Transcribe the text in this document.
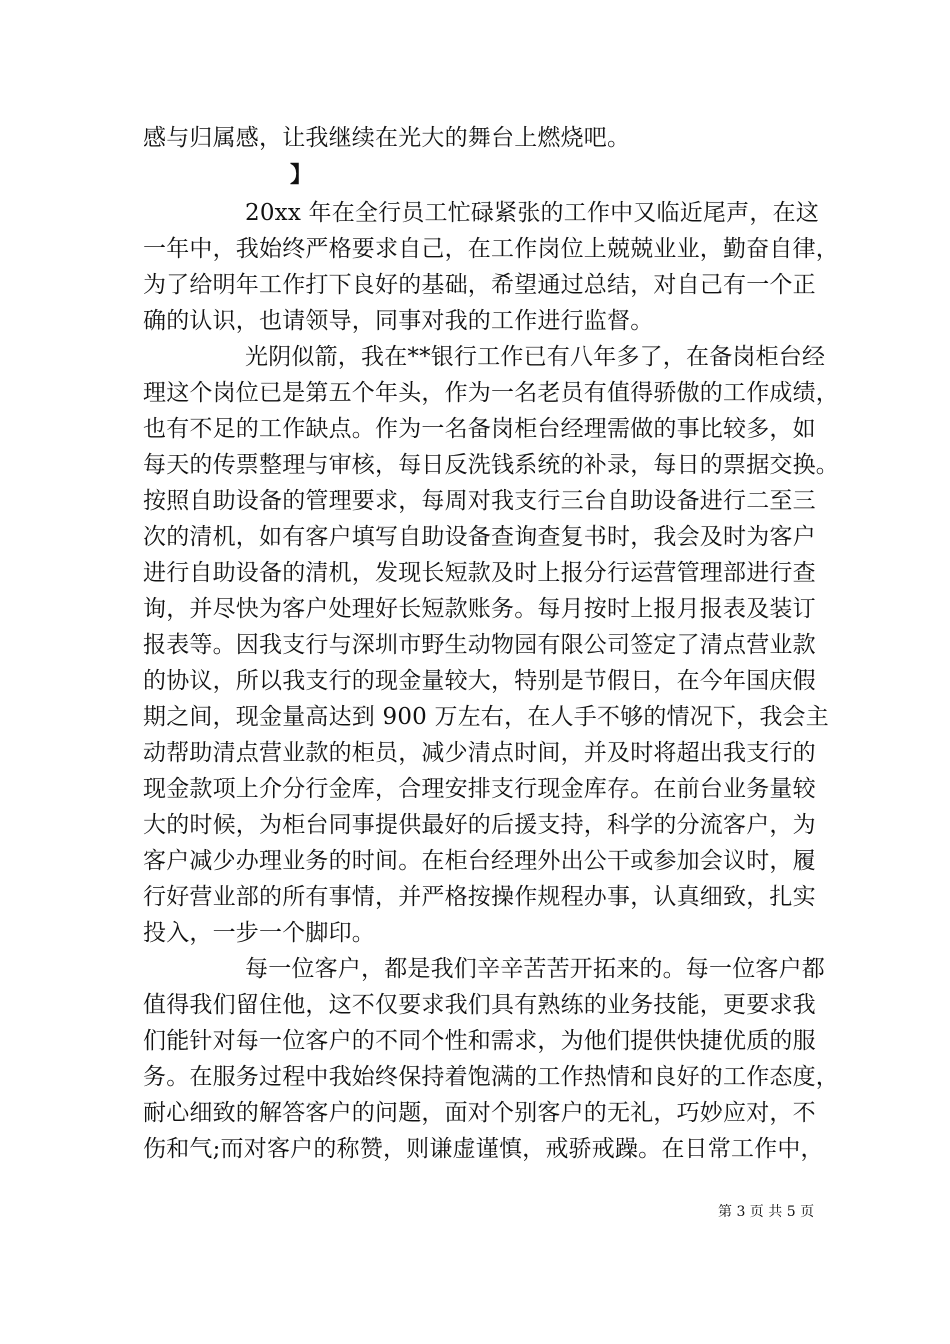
感与归属感，让我继续在光大的舞台上燃烧吧。
】
20xx 年在全行员工忙碌紧张的工作中又临近尾声，在这
一年中，我始终严格要求自己，在工作岗位上兢兢业业，勤奋自律，
为了给明年工作打下良好的基础，希望通过总结，对自己有一个正
确的认识，也请领导，同事对我的工作进行监督。
光阴似箭，我在**银行工作已有八年多了，在备岗柜台经
理这个岗位已是第五个年头，作为一名老员有值得骄傲的工作成绩，
也有不足的工作缺点。作为一名备岗柜台经理需做的事比较多，如
每天的传票整理与审核，每日反洗钱系统的补录，每日的票据交换。
按照自助设备的管理要求，每周对我支行三台自助设备进行二至三
次的清机，如有客户填写自助设备查询查复书时，我会及时为客户
进行自助设备的清机，发现长短款及时上报分行运营管理部进行查
询，并尽快为客户处理好长短款账务。每月按时上报月报表及装订
报表等。因我支行与深圳市野生动物园有限公司签定了清点营业款
的协议，所以我支行的现金量较大，特别是节假日，在今年国庆假
期之间，现金量高达到 900 万左右，在人手不够的情况下，我会主
动帮助清点营业款的柜员，减少清点时间，并及时将超出我支行的
现金款项上介分行金库，合理安排支行现金库存。在前台业务量较
大的时候，为柜台同事提供最好的后援支持，科学的分流客户，为
客户减少办理业务的时间。在柜台经理外出公干或参加会议时，履
行好营业部的所有事情，并严格按操作规程办事，认真细致，扎实
投入，一步一个脚印。
每一位客户，都是我们辛辛苦苦开拓来的。每一位客户都
值得我们留住他，这不仅要求我们具有熟练的业务技能，更要求我
们能针对每一位客户的不同个性和需求，为他们提供快捷优质的服
务。在服务过程中我始终保持着饱满的工作热情和良好的工作态度，
耐心细致的解答客户的问题，面对个别客户的无礼，巧妙应对，不
伤和气;而对客户的称赞，则谦虚谨慎，戒骄戒躁。在日常工作中，
第 3 页 共 5 页
